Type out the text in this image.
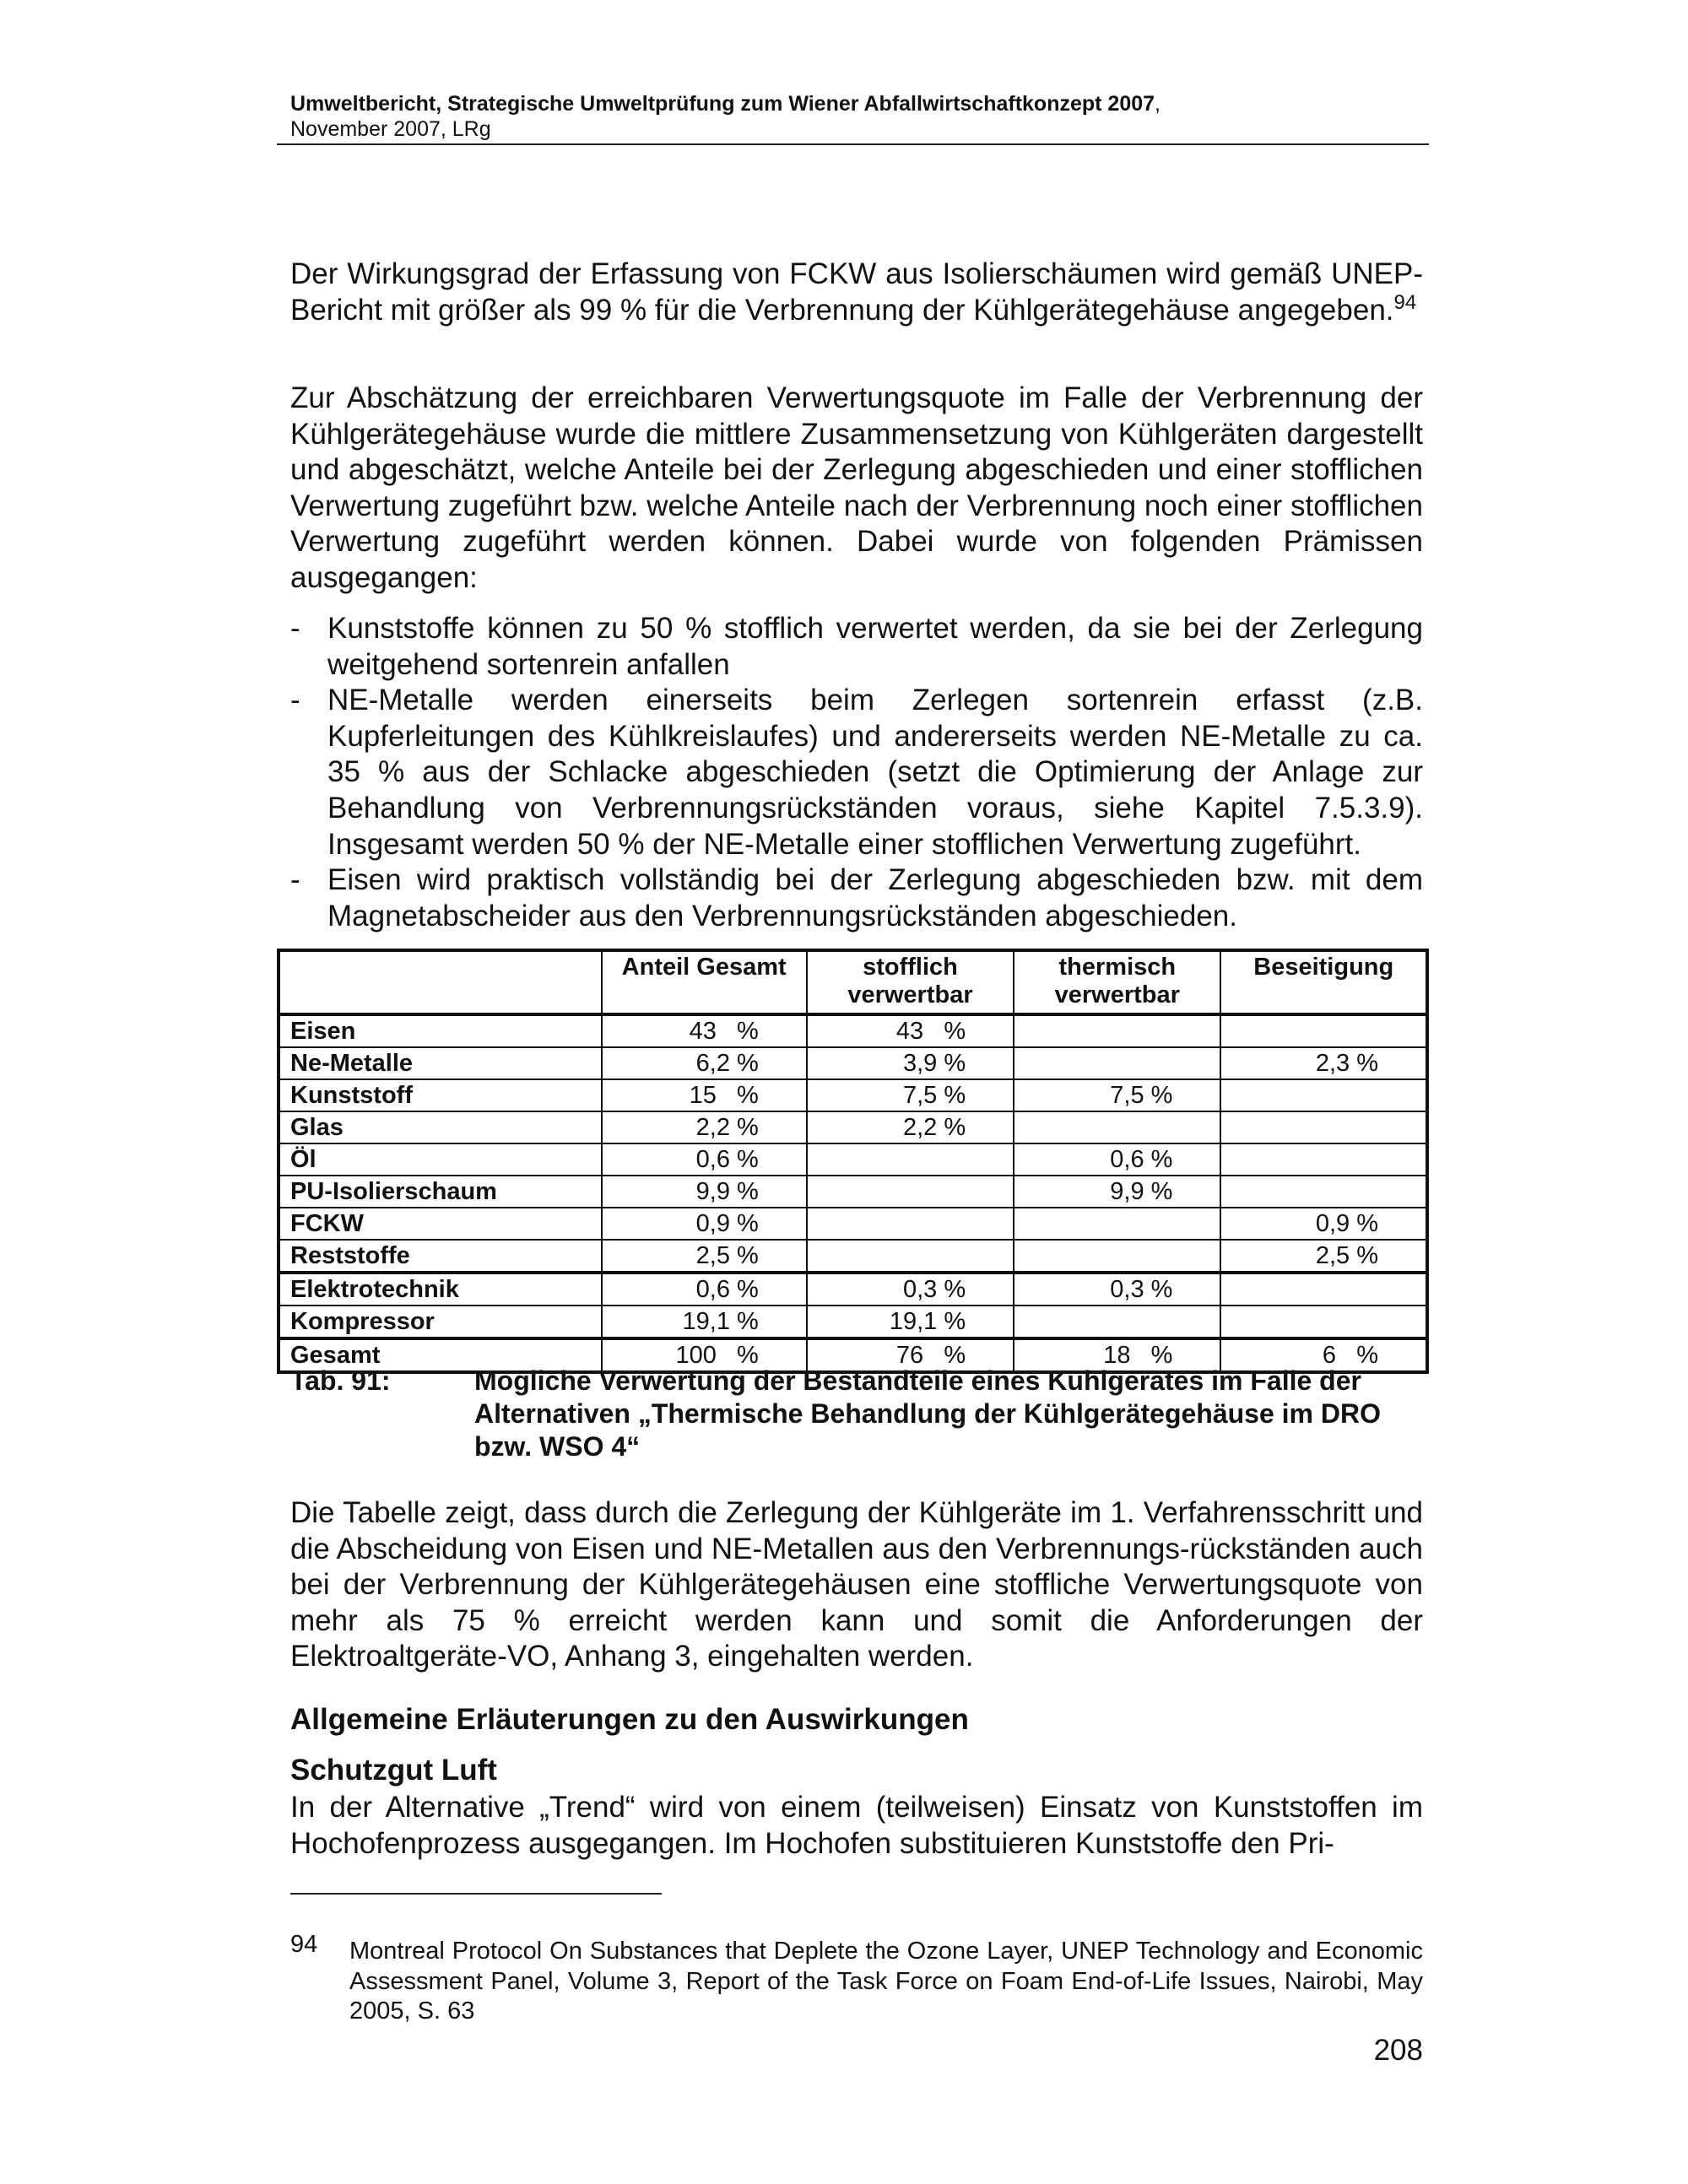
Umweltbericht, Strategische Umweltprüfung zum Wiener Abfallwirtschaftkonzept 2007,
November 2007, LRg
Der Wirkungsgrad der Erfassung von FCKW aus Isolierschäumen wird gemäß UNEP-Bericht mit größer als 99 % für die Verbrennung der Kühlgerätegehäuse angegeben.$^{94}$
Zur Abschätzung der erreichbaren Verwertungsquote im Falle der Verbrennung der Kühlgerätegehäuse wurde die mittlere Zusammensetzung von Kühlgeräten dargestellt und abgeschätzt, welche Anteile bei der Zerlegung abgeschieden und einer stofflichen Verwertung zugeführt bzw. welche Anteile nach der Verbrennung noch einer stofflichen Verwertung zugeführt werden können. Dabei wurde von folgenden Prämissen ausgegangen:
- Kunststoffe können zu 50 % stofflich verwertet werden, da sie bei der Zerlegung weitgehend sortenrein anfallen
- NE-Metalle werden einerseits beim Zerlegen sortenrein erfasst (z.B. Kupferleitungen des Kühlkreislaufes) und andererseits werden NE-Metalle zu ca. 35 % aus der Schlacke abgeschieden (setzt die Optimierung der Anlage zur Behandlung von Verbrennungsrückständen voraus, siehe Kapitel 7.5.3.9). Insgesamt werden 50 % der NE-Metalle einer stofflichen Verwertung zugeführt.
- Eisen wird praktisch vollständig bei der Zerlegung abgeschieden bzw. mit dem Magnetabscheider aus den Verbrennungsrückständen abgeschieden.
	Anteil Gesamt	stofflich verwertbar	thermisch verwertbar	Beseitigung
Eisen	43   %	43   %		
Ne-Metalle	6,2 %	3,9 %		2,3 %
Kunststoff	15   %	7,5 %	7,5 %	
Glas	2,2 %	2,2 %		
Öl	0,6 %		0,6 %	
PU-Isolierschaum	9,9 %		9,9 %	
FCKW	0,9 %			0,9 %
Reststoffe	2,5 %			2,5 %
Elektrotechnik	0,6 %	0,3 %	0,3 %	
Kompressor	19,1 %	19,1 %		
Gesamt	100   %	76   %	18   %	6   %
Tab. 91:	Mögliche Verwertung der Bestandteile eines Kühlgerätes im Falle der Alternativen „Thermische Behandlung der Kühlgerätegehäuse im DRO bzw. WSO 4“
Die Tabelle zeigt, dass durch die Zerlegung der Kühlgeräte im 1. Verfahrensschritt und die Abscheidung von Eisen und NE-Metallen aus den Verbrennungs-rückständen auch bei der Verbrennung der Kühlgerätegehäusen eine stoffliche Verwertungsquote von mehr als 75 % erreicht werden kann und somit die Anforderungen der Elektroaltgeräte-VO, Anhang 3, eingehalten werden.
Allgemeine Erläuterungen zu den Auswirkungen
Schutzgut Luft
In der Alternative „Trend“ wird von einem (teilweisen) Einsatz von Kunststoffen im Hochofenprozess ausgegangen. Im Hochofen substituieren Kunststoffe den Pri-
94 Montreal Protocol On Substances that Deplete the Ozone Layer, UNEP Technology and Economic Assessment Panel, Volume 3, Report of the Task Force on Foam End-of-Life Issues, Nairobi, May 2005, S. 63
208
